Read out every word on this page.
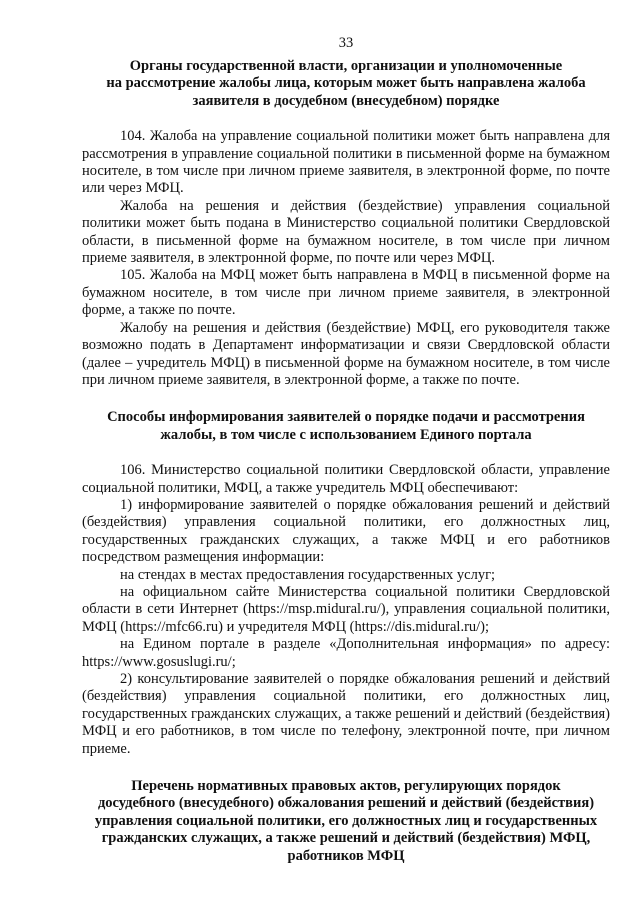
33
Органы государственной власти, организации и уполномоченные
на рассмотрение жалобы лица, которым может быть направлена жалоба
заявителя в досудебном (внесудебном) порядке

104. Жалоба на управление социальной политики может быть направлена для рассмотрения в управление социальной политики в письменной форме на бумажном носителе, в том числе при личном приеме заявителя, в электронной форме, по почте или через МФЦ.

Жалоба на решения и действия (бездействие) управления социальной политики может быть подана в Министерство социальной политики Свердловской области, в письменной форме на бумажном носителе, в том числе при личном приеме заявителя, в электронной форме, по почте или через МФЦ.

105. Жалоба на МФЦ может быть направлена в МФЦ в письменной форме на бумажном носителе, в том числе при личном приеме заявителя, в электронной форме, а также по почте.

Жалобу на решения и действия (бездействие) МФЦ, его руководителя также возможно подать в Департамент информатизации и связи Свердловской области (далее – учредитель МФЦ) в письменной форме на бумажном носителе, в том числе при личном приеме заявителя, в электронной форме, а также по почте.

Способы информирования заявителей о порядке подачи и рассмотрения
жалобы, в том числе с использованием Единого портала

106. Министерство социальной политики Свердловской области, управление социальной политики, МФЦ, а также учредитель МФЦ обеспечивают:

1) информирование заявителей о порядке обжалования решений и действий (бездействия) управления социальной политики, его должностных лиц, государственных гражданских служащих, а также МФЦ и его работников посредством размещения информации:

на стендах в местах предоставления государственных услуг;

на официальном сайте Министерства социальной политики Свердловской области в сети Интернет (https://msp.midural.ru/), управления социальной политики, МФЦ (https://mfc66.ru) и учредителя МФЦ (https://dis.midural.ru/);

на Едином портале в разделе «Дополнительная информация» по адресу: https://www.gosuslugi.ru/;

2) консультирование заявителей о порядке обжалования решений и действий (бездействия) управления социальной политики, его должностных лиц, государственных гражданских служащих, а также решений и действий (бездействия) МФЦ и его работников, в том числе по телефону, электронной почте, при личном приеме.

Перечень нормативных правовых актов, регулирующих порядок
досудебного (внесудебного) обжалования решений и действий (бездействия)
управления социальной политики, его должностных лиц и государственных
гражданских служащих, а также решений и действий (бездействия) МФЦ,
работников МФЦ
